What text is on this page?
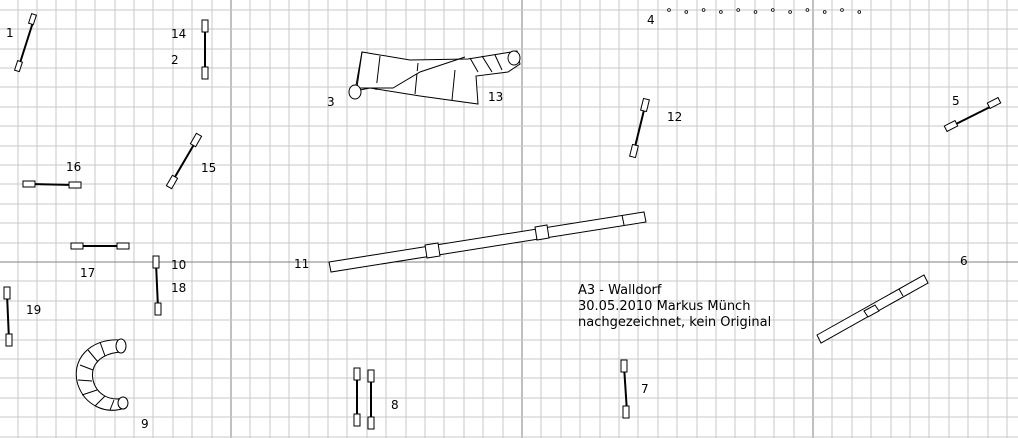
1
2
14
3	13
4
5
6
7
8
9
10	11
12
15
16
17
18
19
A3 - Walldorf
30.05.2010 Markus Münch
nachgezeichnet, kein Original
